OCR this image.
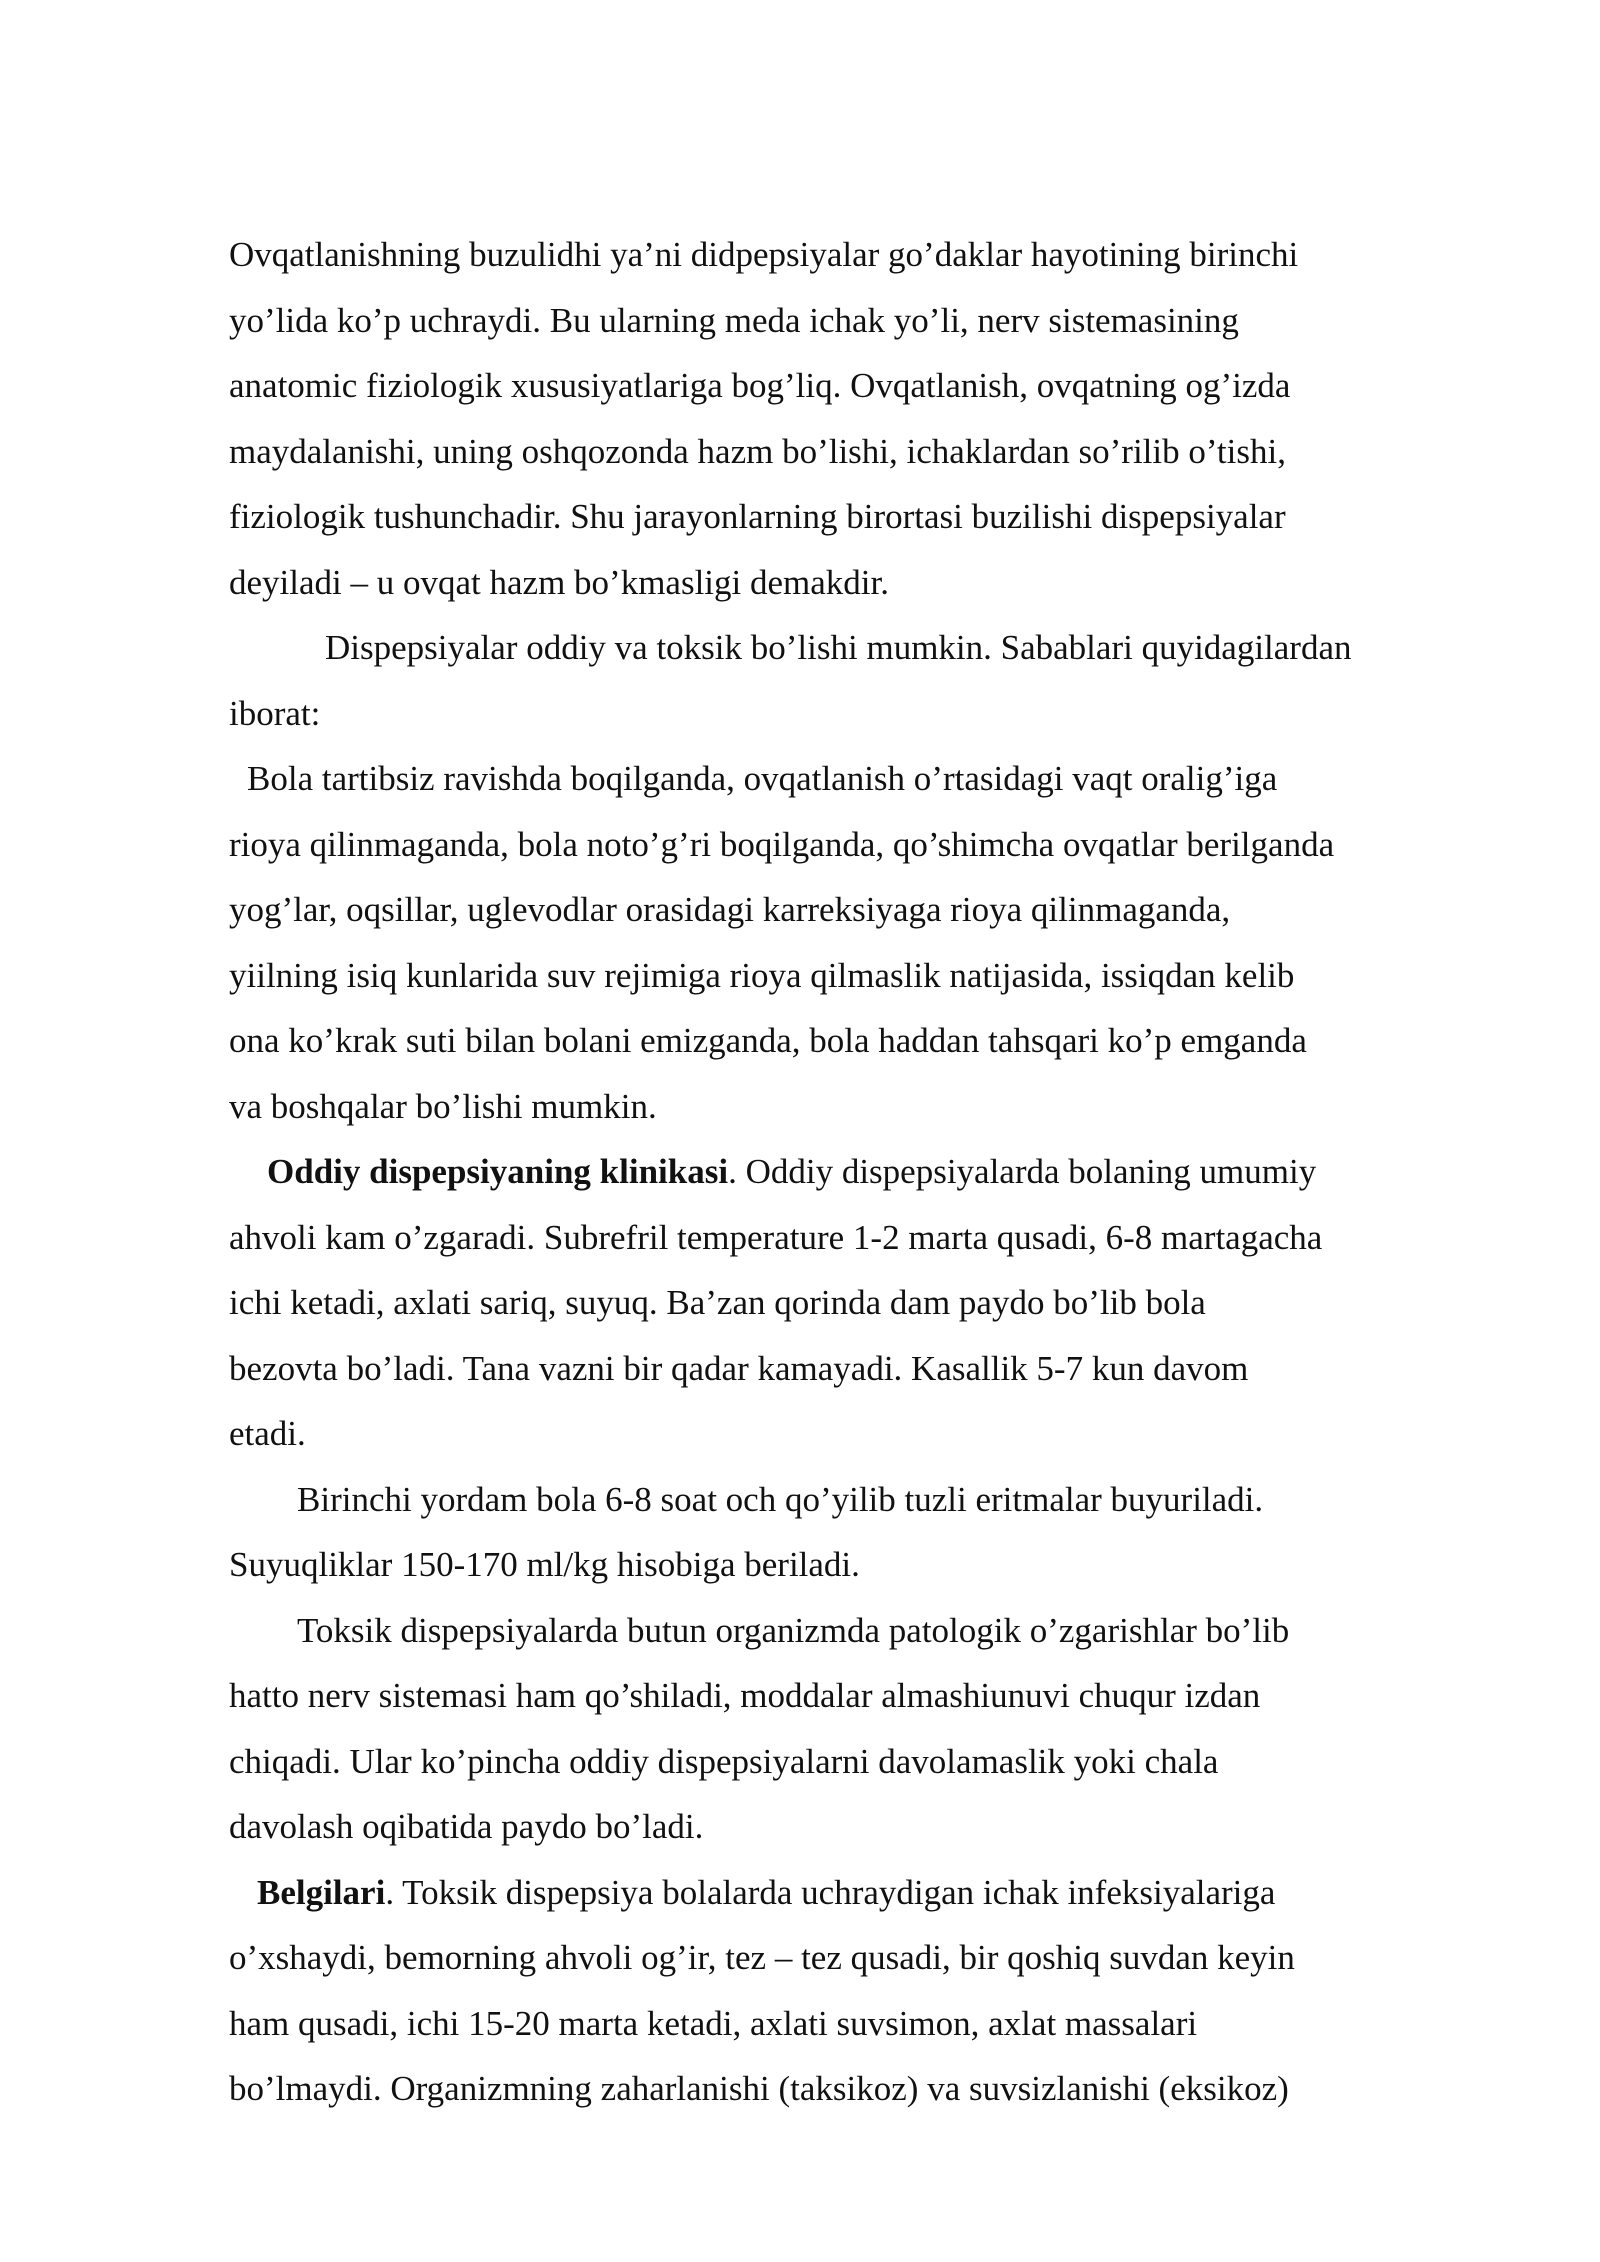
Ovqatlanishning buzulidhi ya’ni didpepsiyalar go’daklar hayotining birinchi
yo’lida ko’p uchraydi. Bu ularning meda ichak yo’li, nerv sistemasining
anatomic fiziologik xususiyatlariga bog’liq. Ovqatlanish, ovqatning og’izda
maydalanishi, uning oshqozonda hazm bo’lishi, ichaklardan so’rilib o’tishi,
fiziologik tushunchadir. Shu jarayonlarning birortasi buzilishi dispepsiyalar
deyiladi – u ovqat hazm bo’kmasligi demakdir.
Dispepsiyalar oddiy va toksik bo’lishi mumkin. Sabablari quyidagilardan
iborat:
Bola tartibsiz ravishda boqilganda, ovqatlanish o’rtasidagi vaqt oralig’iga
rioya qilinmaganda, bola noto’g’ri boqilganda, qo’shimcha ovqatlar berilganda
yog’lar, oqsillar, uglevodlar orasidagi karreksiyaga rioya qilinmaganda,
yiilning isiq kunlarida suv rejimiga rioya qilmaslik natijasida, issiqdan kelib
ona ko’krak suti bilan bolani emizganda, bola haddan tahsqari ko’p emganda
va boshqalar bo’lishi mumkin.
Oddiy dispepsiyaning klinikasi. Oddiy dispepsiyalarda bolaning umumiy
ahvoli kam o’zgaradi. Subrefril temperature 1-2 marta qusadi, 6-8 martagacha
ichi ketadi, axlati sariq, suyuq. Ba’zan qorinda dam paydo bo’lib bola
bezovta bo’ladi. Tana vazni bir qadar kamayadi. Kasallik 5-7 kun davom
etadi.
Birinchi yordam bola 6-8 soat och qo’yilib tuzli eritmalar buyuriladi.
Suyuqliklar 150-170 ml/kg hisobiga beriladi.
Toksik dispepsiyalarda butun organizmda patologik o’zgarishlar bo’lib
hatto nerv sistemasi ham qo’shiladi, moddalar almashiunuvi chuqur izdan
chiqadi. Ular ko’pincha oddiy dispepsiyalarni davolamaslik yoki chala
davolash oqibatida paydo bo’ladi.
Belgilari. Toksik dispepsiya bolalarda uchraydigan ichak infeksiyalariga
o’xshaydi, bemorning ahvoli og’ir, tez – tez qusadi, bir qoshiq suvdan keyin
ham qusadi, ichi 15-20 marta ketadi, axlati suvsimon, axlat massalari
bo’lmaydi. Organizmning zaharlanishi (taksikoz) va suvsizlanishi (eksikoz)
